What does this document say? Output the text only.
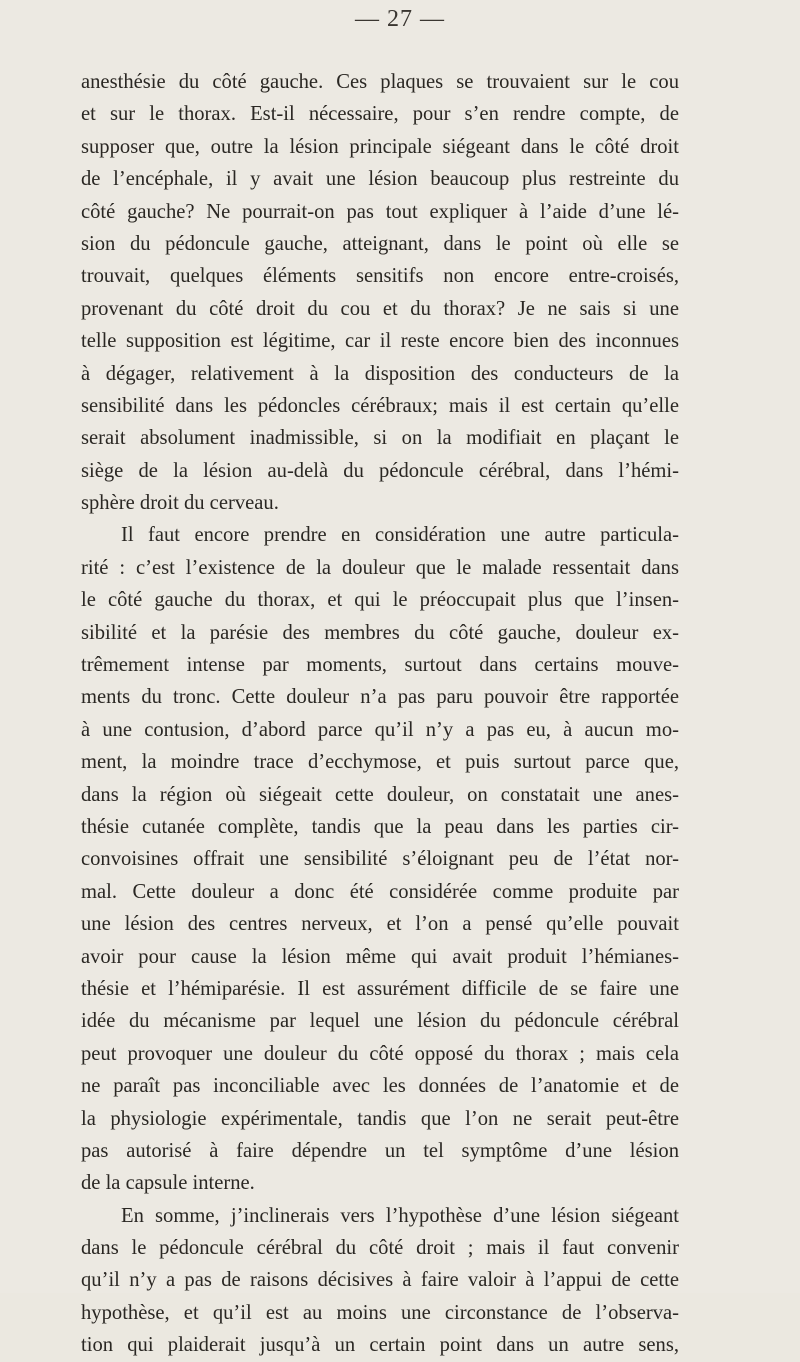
— 27 —
anesthésie du côté gauche. Ces plaques se trouvaient sur le cou
et sur le thorax. Est-il nécessaire, pour s’en rendre compte, de
supposer que, outre la lésion principale siégeant dans le côté droit
de l’encéphale, il y avait une lésion beaucoup plus restreinte du
côté gauche? Ne pourrait-on pas tout expliquer à l’aide d’une lé-
sion du pédoncule gauche, atteignant, dans le point où elle se
trouvait, quelques éléments sensitifs non encore entre-croisés,
provenant du côté droit du cou et du thorax? Je ne sais si une
telle supposition est légitime, car il reste encore bien des inconnues
à dégager, relativement à la disposition des conducteurs de la
sensibilité dans les pédoncles cérébraux; mais il est certain qu’elle
serait absolument inadmissible, si on la modifiait en plaçant le
siège de la lésion au-delà du pédoncule cérébral, dans l’hémi-
sphère droit du cerveau.
Il faut encore prendre en considération une autre particula-
rité : c’est l’existence de la douleur que le malade ressentait dans
le côté gauche du thorax, et qui le préoccupait plus que l’insen-
sibilité et la parésie des membres du côté gauche, douleur ex-
trêmement intense par moments, surtout dans certains mouve-
ments du tronc. Cette douleur n’a pas paru pouvoir être rapportée
à une contusion, d’abord parce qu’il n’y a pas eu, à aucun mo-
ment, la moindre trace d’ecchymose, et puis surtout parce que,
dans la région où siégeait cette douleur, on constatait une anes-
thésie cutanée complète, tandis que la peau dans les parties cir-
convoisines offrait une sensibilité s’éloignant peu de l’état nor-
mal. Cette douleur a donc été considérée comme produite par
une lésion des centres nerveux, et l’on a pensé qu’elle pouvait
avoir pour cause la lésion même qui avait produit l’hémianes-
thésie et l’hémiparésie. Il est assurément difficile de se faire une
idée du mécanisme par lequel une lésion du pédoncule cérébral
peut provoquer une douleur du côté opposé du thorax ; mais cela
ne paraît pas inconciliable avec les données de l’anatomie et de
la physiologie expérimentale, tandis que l’on ne serait peut-être
pas autorisé à faire dépendre un tel symptôme d’une lésion
de la capsule interne.
En somme, j’inclinerais vers l’hypothèse d’une lésion siégeant
dans le pédoncule cérébral du côté droit ; mais il faut convenir
qu’il n’y a pas de raisons décisives à faire valoir à l’appui de cette
hypothèse, et qu’il est au moins une circonstance de l’observa-
tion qui plaiderait jusqu’à un certain point dans un autre sens,
